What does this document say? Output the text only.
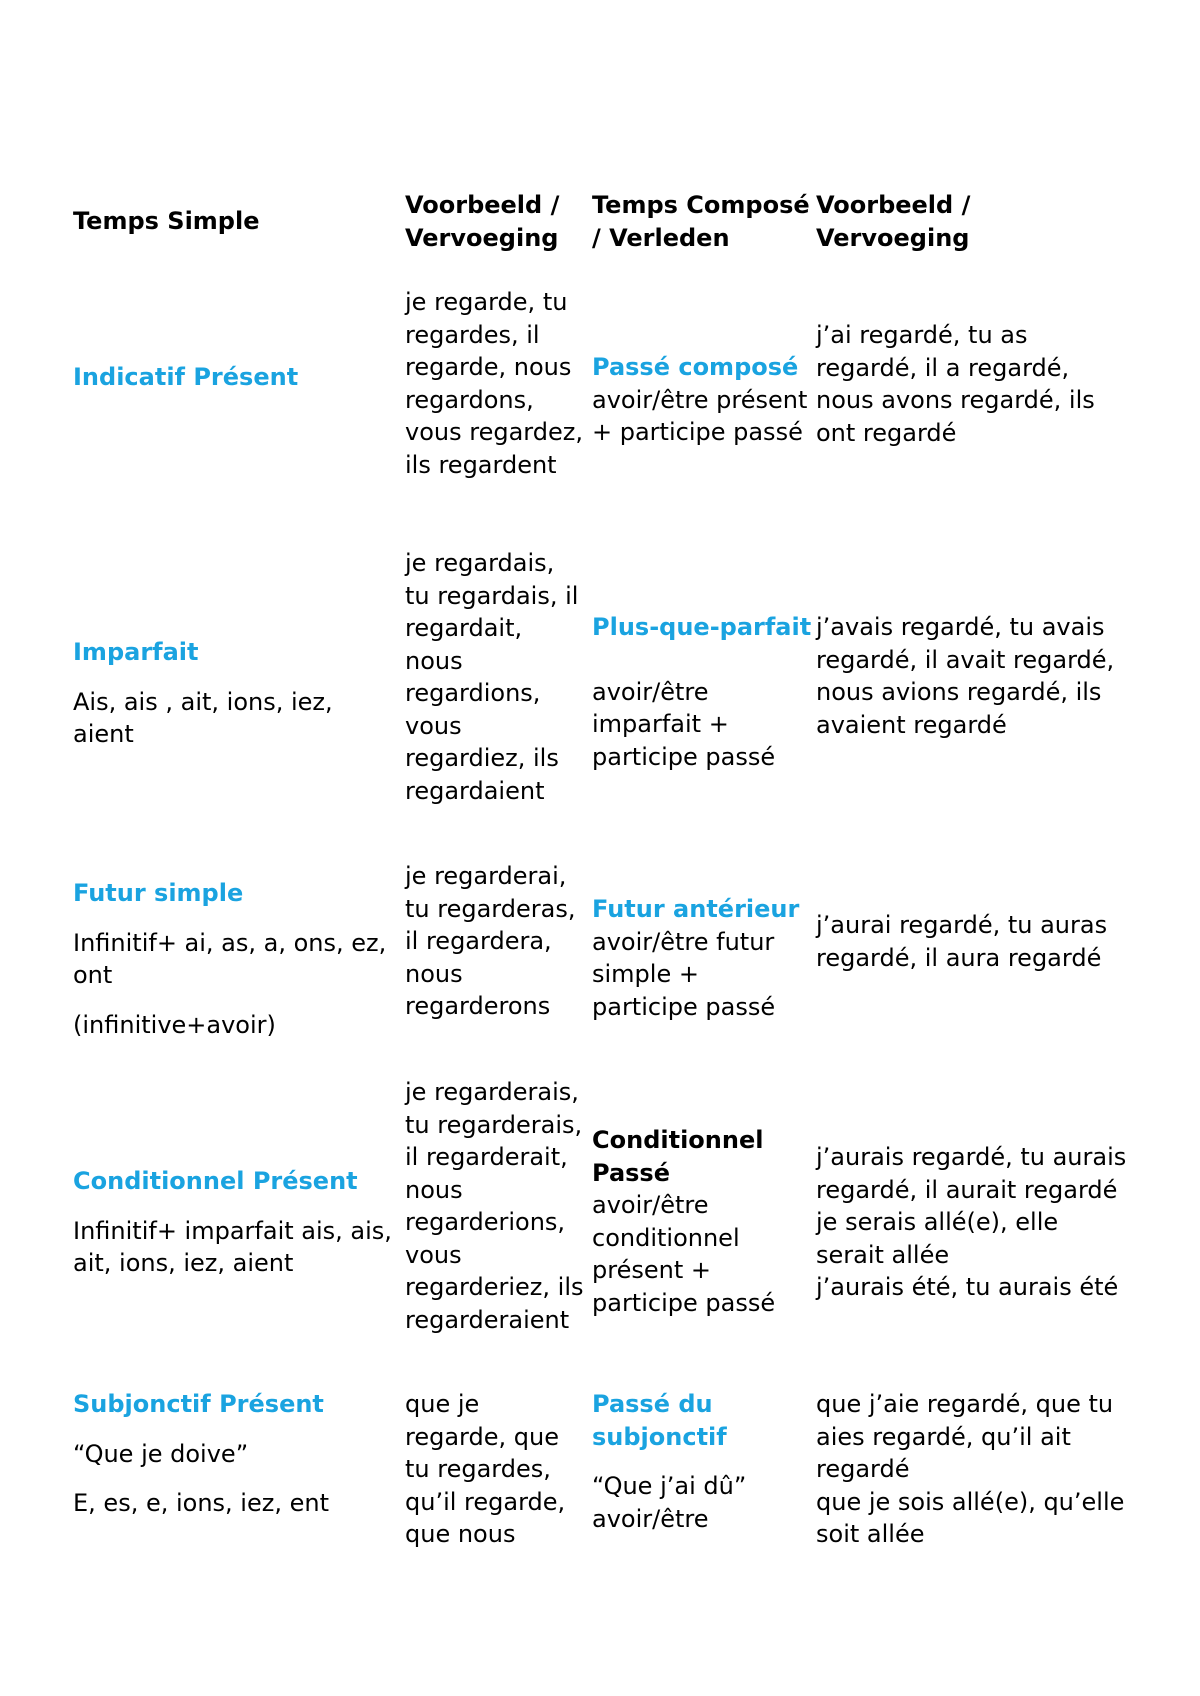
Temps Simple
Voorbeeld /
Vervoeging
Temps Composé
/ Verleden
Voorbeeld /
Vervoeging
Indicatif Présent
je regarde, tu
regardes, il
regarde, nous
regardons,
vous regardez,
ils regardent
Passé composé
avoir/être présent
+ participe passé
j’ai regardé, tu as
regardé, il a regardé,
nous avons regardé, ils
ont regardé
Imparfait
Ais, ais , ait, ions, iez,
aient
je regardais,
tu regardais, il
regardait,
nous
regardions,
vous
regardiez, ils
regardaient
Plus-que-parfait
avoir/être
imparfait +
participe passé
j’avais regardé, tu avais
regardé, il avait regardé,
nous avions regardé, ils
avaient regardé
Futur simple
Infinitif+ ai, as, a, ons, ez,
ont
(infinitive+avoir)
je regarderai,
tu regarderas,
il regardera,
nous
regarderons
Futur antérieur
avoir/être futur
simple +
participe passé
j’aurai regardé, tu auras
regardé, il aura regardé
Conditionnel Présent
Infinitif+ imparfait ais, ais,
ait, ions, iez, aient
je regarderais,
tu regarderais,
il regarderait,
nous
regarderions,
vous
regarderiez, ils
regarderaient
Conditionnel
Passé
avoir/être
conditionnel
présent +
participe passé
j’aurais regardé, tu aurais
regardé, il aurait regardé
je serais allé(e), elle
serait allée
j’aurais été, tu aurais été
Subjonctif Présent
“Que je doive”
E, es, e, ions, iez, ent
que je
regarde, que
tu regardes,
qu’il regarde,
que nous
Passé du
subjonctif
“Que j’ai dû”
avoir/être
que j’aie regardé, que tu
aies regardé, qu’il ait
regardé
que je sois allé(e), qu’elle
soit allée
